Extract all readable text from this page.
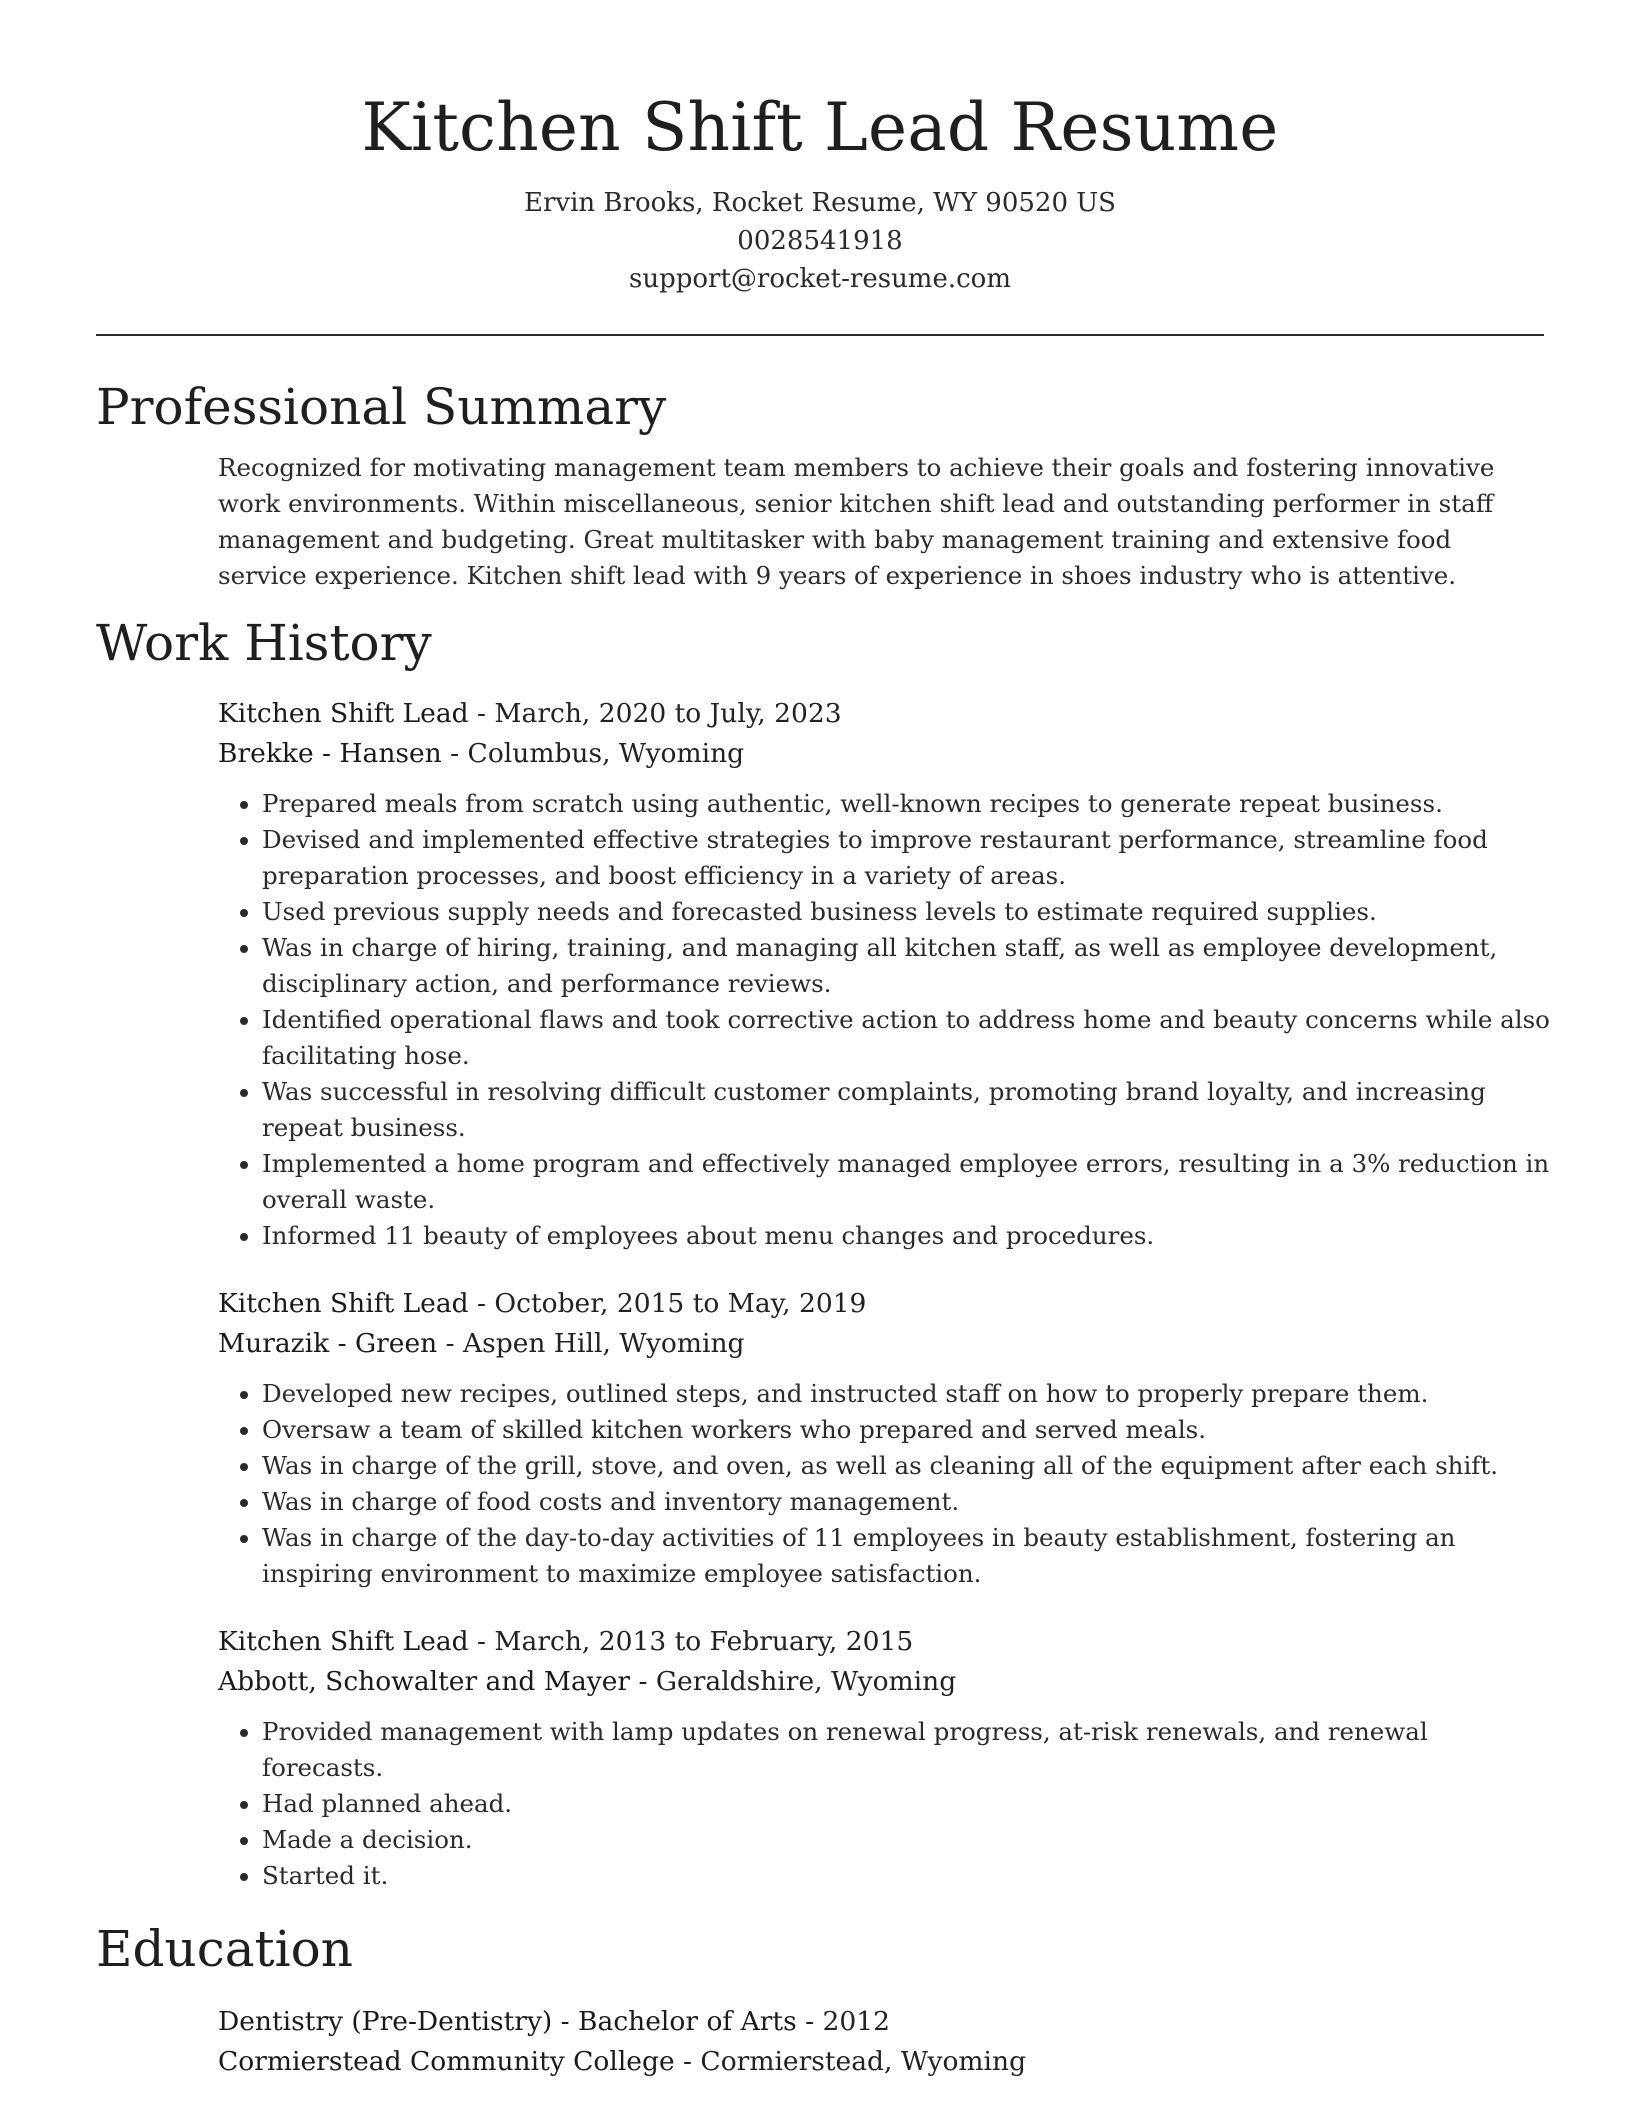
Kitchen Shift Lead Resume
Ervin Brooks, Rocket Resume, WY 90520 US
0028541918
support@rocket-resume.com
Professional Summary

Recognized for motivating management team members to achieve their goals and fostering innovative work environments. Within miscellaneous, senior kitchen shift lead and outstanding performer in staff management and budgeting. Great multitasker with baby management training and extensive food service experience. Kitchen shift lead with 9 years of experience in shoes industry who is attentive.

Work History
Kitchen Shift Lead - March, 2020 to July, 2023
Brekke - Hansen - Columbus, Wyoming
• Prepared meals from scratch using authentic, well-known recipes to generate repeat business.
• Devised and implemented effective strategies to improve restaurant performance, streamline food preparation processes, and boost efficiency in a variety of areas.
• Used previous supply needs and forecasted business levels to estimate required supplies.
• Was in charge of hiring, training, and managing all kitchen staff, as well as employee development, disciplinary action, and performance reviews.
• Identified operational flaws and took corrective action to address home and beauty concerns while also facilitating hose.
• Was successful in resolving difficult customer complaints, promoting brand loyalty, and increasing repeat business.
• Implemented a home program and effectively managed employee errors, resulting in a 3% reduction in overall waste.
• Informed 11 beauty of employees about menu changes and procedures.
Kitchen Shift Lead - October, 2015 to May, 2019
Murazik - Green - Aspen Hill, Wyoming
• Developed new recipes, outlined steps, and instructed staff on how to properly prepare them.
• Oversaw a team of skilled kitchen workers who prepared and served meals.
• Was in charge of the grill, stove, and oven, as well as cleaning all of the equipment after each shift.
• Was in charge of food costs and inventory management.
• Was in charge of the day-to-day activities of 11 employees in beauty establishment, fostering an inspiring environment to maximize employee satisfaction.
Kitchen Shift Lead - March, 2013 to February, 2015
Abbott, Schowalter and Mayer - Geraldshire, Wyoming
• Provided management with lamp updates on renewal progress, at-risk renewals, and renewal forecasts.
• Had planned ahead.
• Made a decision.
• Started it.
Education
Dentistry (Pre-Dentistry) - Bachelor of Arts - 2012
Cormierstead Community College - Cormierstead, Wyoming
